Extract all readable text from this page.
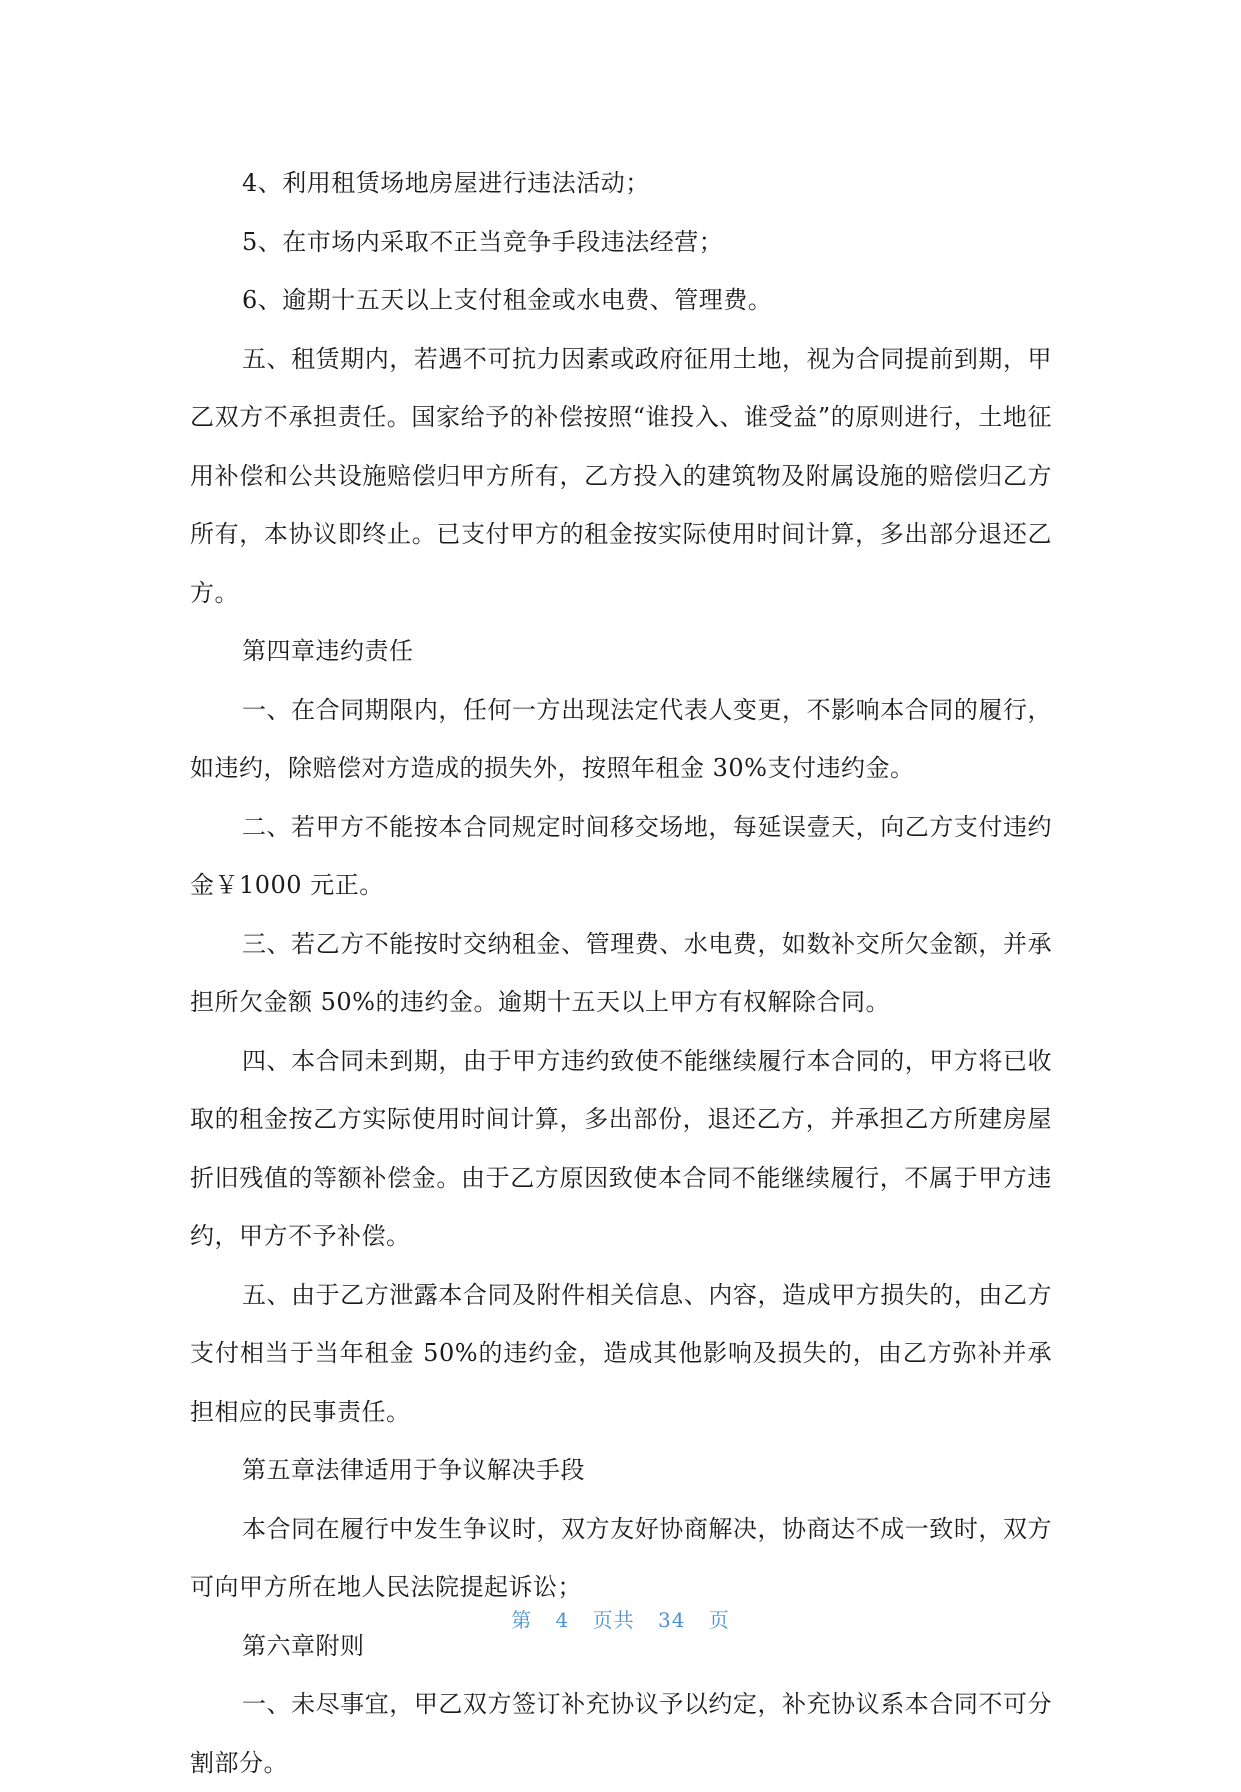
4、利用租赁场地房屋进行违法活动；

5、在市场内采取不正当竞争手段违法经营；

6、逾期十五天以上支付租金或水电费、管理费。

五、租赁期内，若遇不可抗力因素或政府征用土地，视为合同提前到期，甲乙双方不承担责任。国家给予的补偿按照“谁投入、谁受益”的原则进行，土地征用补偿和公共设施赔偿归甲方所有，乙方投入的建筑物及附属设施的赔偿归乙方所有，本协议即终止。已支付甲方的租金按实际使用时间计算，多出部分退还乙方。

第四章违约责任

一、在合同期限内，任何一方出现法定代表人变更，不影响本合同的履行，如违约，除赔偿对方造成的损失外，按照年租金 30%支付违约金。

二、若甲方不能按本合同规定时间移交场地，每延误壹天，向乙方支付违约金￥1000 元正。

三、若乙方不能按时交纳租金、管理费、水电费，如数补交所欠金额，并承担所欠金额 50%的违约金。逾期十五天以上甲方有权解除合同。

四、本合同未到期，由于甲方违约致使不能继续履行本合同的，甲方将已收取的租金按乙方实际使用时间计算，多出部份，退还乙方，并承担乙方所建房屋折旧残值的等额补偿金。由于乙方原因致使本合同不能继续履行，不属于甲方违约，甲方不予补偿。

五、由于乙方泄露本合同及附件相关信息、内容，造成甲方损失的，由乙方支付相当于当年租金 50%的违约金，造成其他影响及损失的，由乙方弥补并承担相应的民事责任。

第五章法律适用于争议解决手段

本合同在履行中发生争议时，双方友好协商解决，协商达不成一致时，双方可向甲方所在地人民法院提起诉讼；

第六章附则

一、未尽事宜，甲乙双方签订补充协议予以约定，补充协议系本合同不可分割部分。

第 4 页共 34 页
